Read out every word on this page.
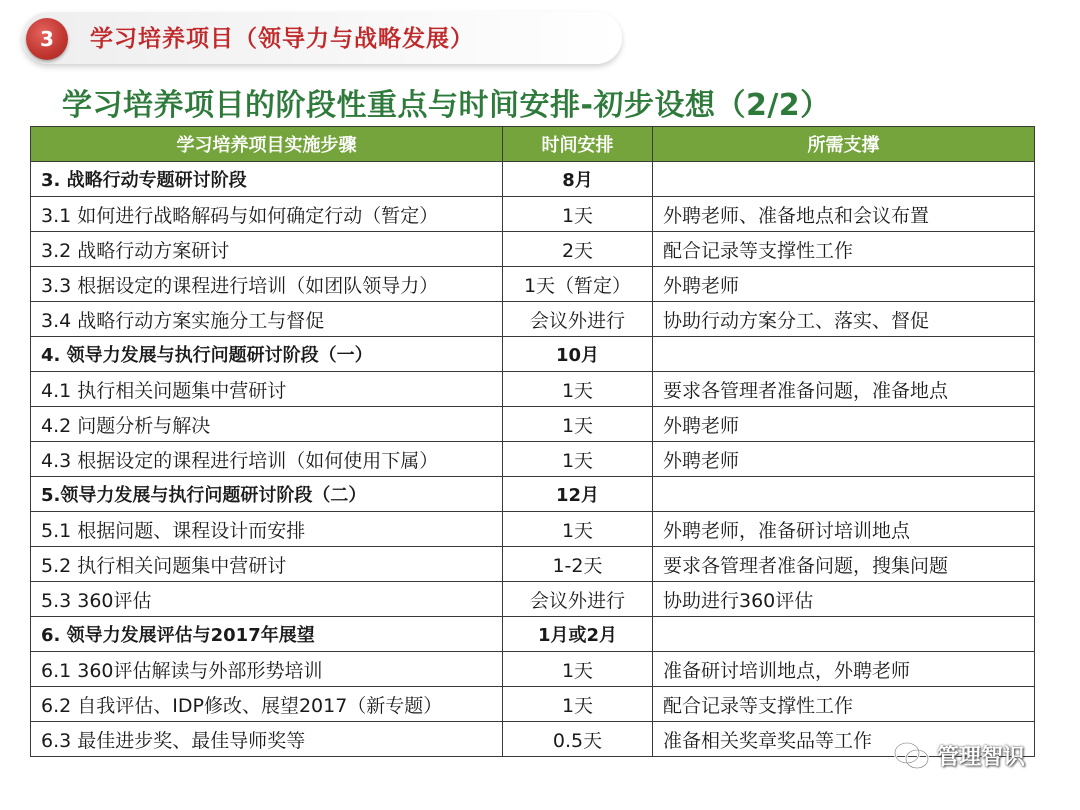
3	学习培养项目（领导力与战略发展）
学习培养项目的阶段性重点与时间安排-初步设想（2/2）
学习培养项目实施步骤	时间安排	所需支撑
3. 战略行动专题研讨阶段	8月	
3.1 如何进行战略解码与如何确定行动（暂定）	1天	外聘老师、准备地点和会议布置
3.2 战略行动方案研讨	2天	配合记录等支撑性工作
3.3 根据设定的课程进行培训（如团队领导力）	1天（暂定）	外聘老师
3.4 战略行动方案实施分工与督促	会议外进行	协助行动方案分工、落实、督促
4. 领导力发展与执行问题研讨阶段（一）	10月	
4.1 执行相关问题集中营研讨	1天	要求各管理者准备问题，准备地点
4.2 问题分析与解决	1天	外聘老师
4.3 根据设定的课程进行培训（如何使用下属）	1天	外聘老师
5.领导力发展与执行问题研讨阶段（二）	12月	
5.1 根据问题、课程设计而安排	1天	外聘老师，准备研讨培训地点
5.2 执行相关问题集中营研讨	1-2天	要求各管理者准备问题，搜集问题
5.3 360评估	会议外进行	协助进行360评估
6. 领导力发展评估与2017年展望	1月或2月	
6.1 360评估解读与外部形势培训	1天	准备研讨培训地点，外聘老师
6.2 自我评估、IDP修改、展望2017（新专题）	1天	配合记录等支撑性工作
6.3 最佳进步奖、最佳导师奖等	0.5天	准备相关奖章奖品等工作
管理智识
